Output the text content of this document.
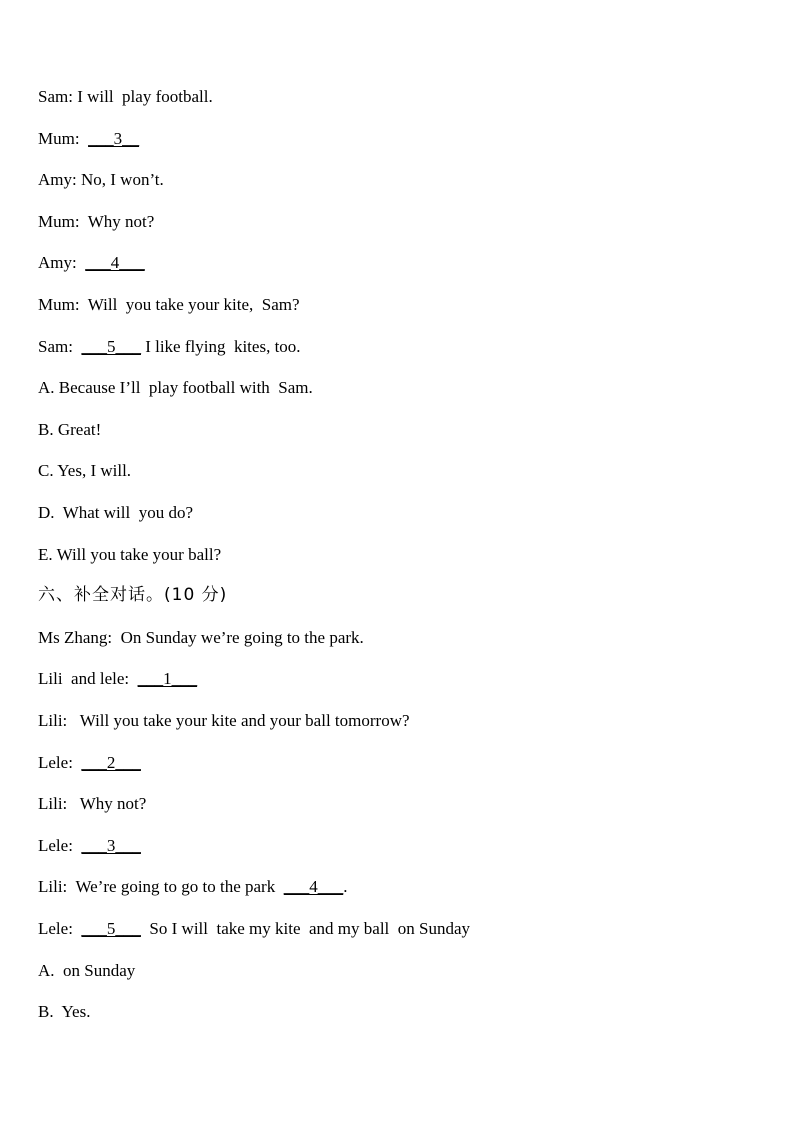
Sam: I will  play football.
Mum:  ___3__
Amy: No, I won’t.
Mum:  Why not?
Amy:  ___4___
Mum:  Will  you take your kite,  Sam?
Sam:  ___5___ I like flying  kites, too.
A. Because I’ll  play football with  Sam.
B. Great!
C. Yes, I will.
D.  What will  you do?
E. Will you take your ball?
六、补全对话。(10 分)
Ms Zhang:  On Sunday we’re going to the park.
Lili  and lele:  ___1___
Lili:   Will you take your kite and your ball tomorrow?
Lele:  ___2___
Lili:   Why not?
Lele:  ___3___
Lili:  We’re going to go to the park  ___4___.
Lele:  ___5___  So I will  take my kite  and my ball  on Sunday
A.  on Sunday
B.  Yes.
